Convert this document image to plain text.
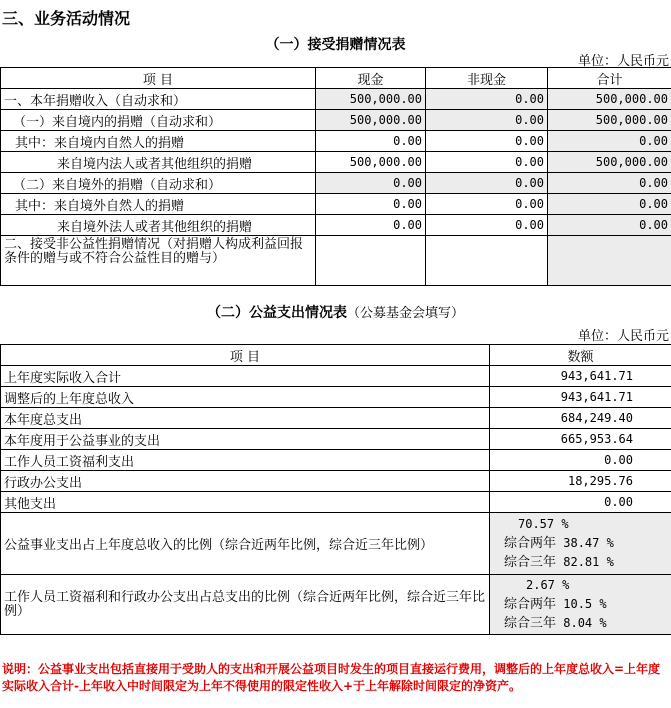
三、业务活动情况
（一）接受捐赠情况表
单位：人民币元
项 目	现金	非现金	合计
一、本年捐赠收入（自动求和）	500,000.00	0.00	500,000.00
（一）来自境内的捐赠（自动求和）	500,000.00	0.00	500,000.00
其中：来自境内自然人的捐赠	0.00	0.00	0.00
来自境内法人或者其他组织的捐赠	500,000.00	0.00	500,000.00
（二）来自境外的捐赠（自动求和）	0.00	0.00	0.00
其中：来自境外自然人的捐赠	0.00	0.00	0.00
来自境外法人或者其他组织的捐赠	0.00	0.00	0.00
二、接受非公益性捐赠情况（对捐赠人构成利益回报条件的赠与或不符合公益性目的赠与）			
（二）公益支出情况表（公募基金会填写）
单位：人民币元
项 目	数额
上年度实际收入合计	943,641.71
调整后的上年度总收入	943,641.71
本年度总支出	684,249.40
本年度用于公益事业的支出	665,953.64
工作人员工资福利支出	0.00
行政办公支出	18,295.76
其他支出	0.00
公益事业支出占上年度总收入的比例（综合近两年比例，综合近三年比例）	70.57 %
综合两年 38.47 %
综合三年 82.81 %

工作人员工资福利和行政办公支出占总支出的比例（综合近两年比例，综合近三年比例）	2.67 %
综合两年 10.5 %
综合三年 8.04 %
说明：公益事业支出包括直接用于受助人的支出和开展公益项目时发生的项目直接运行费用，调整后的上年度总收入=上年度实际收入合计-上年收入中时间限定为上年不得使用的限定性收入+于上年解除时间限定的净资产。
